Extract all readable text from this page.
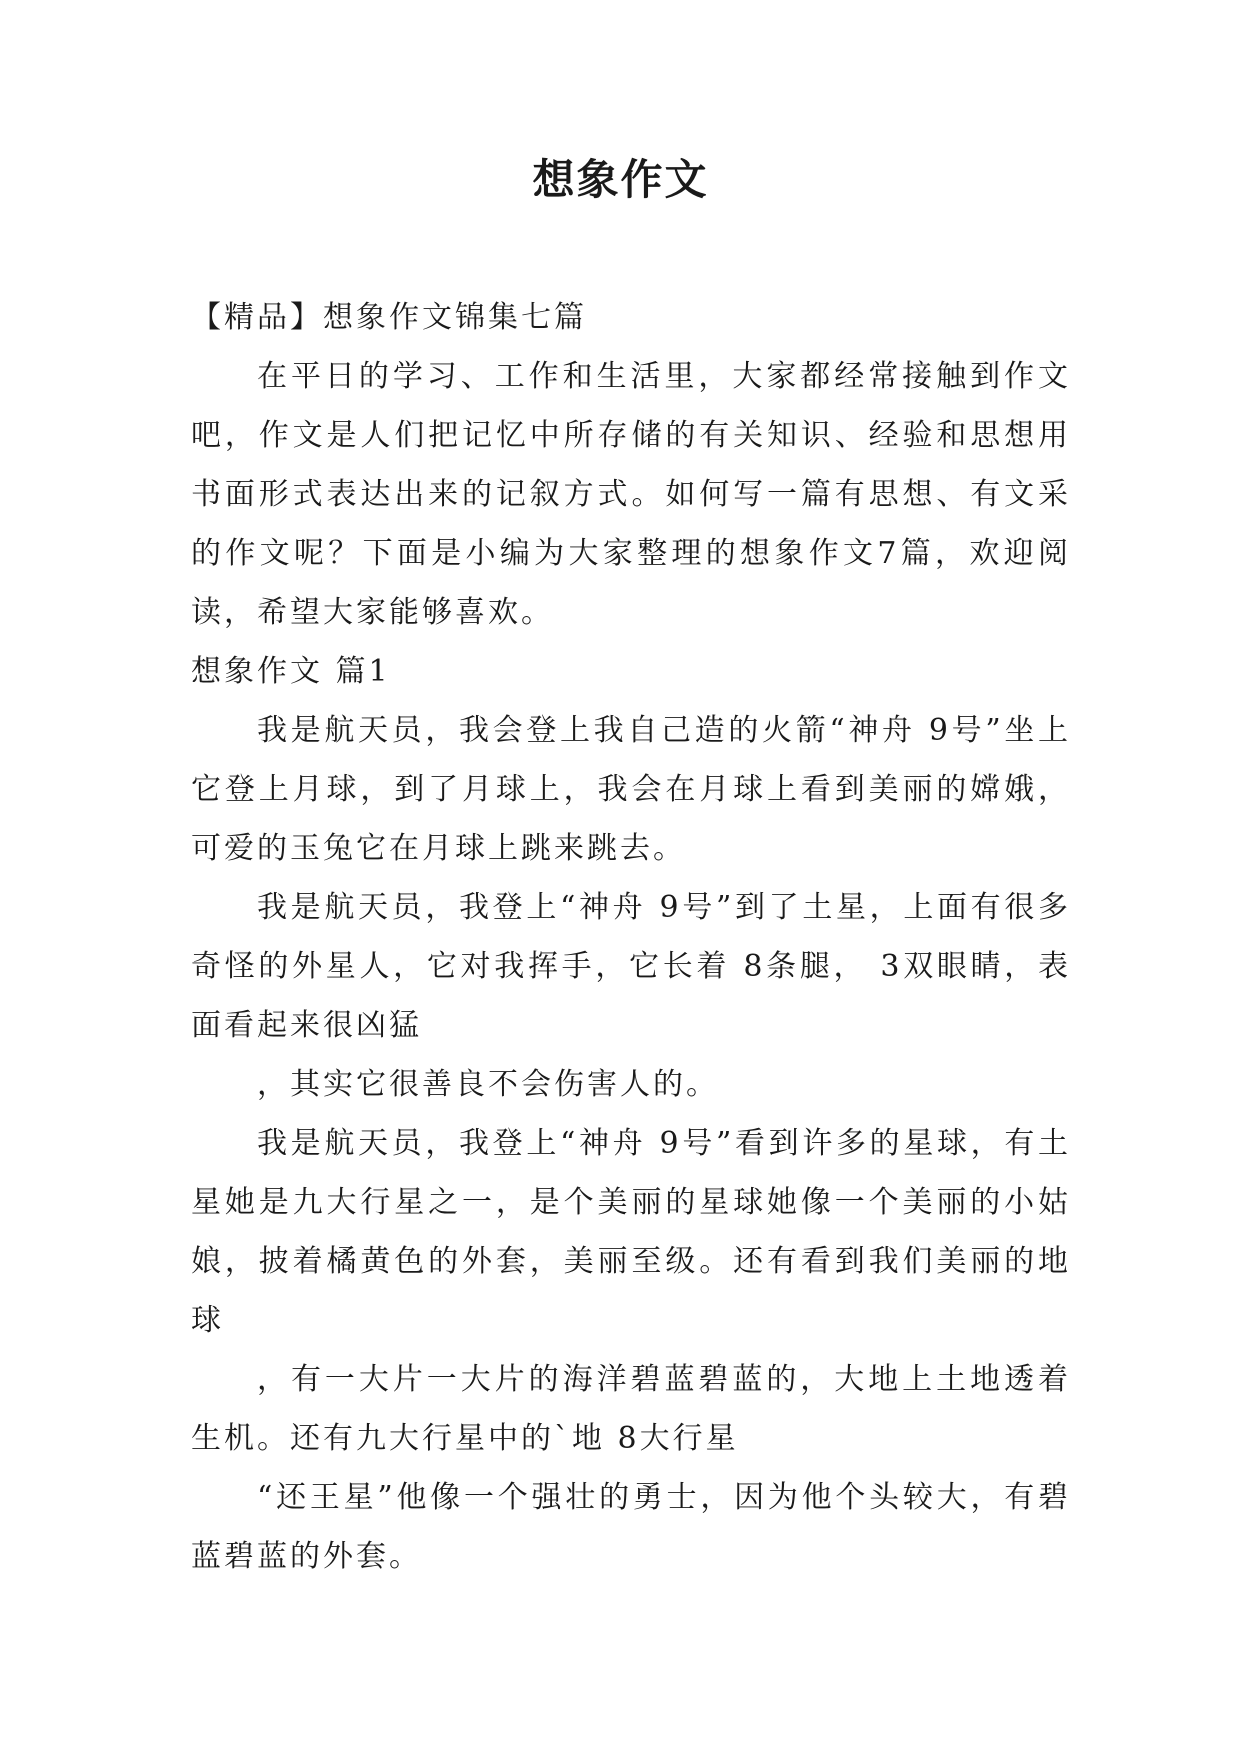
想象作文

【精品】想象作文锦集七篇

在平日的学习、工作和生活里，大家都经常接触到作文吧，作文是人们把记忆中所存储的有关知识、经验和思想用书面形式表达出来的记叙方式。如何写一篇有思想、有文采的作文呢？下面是小编为大家整理的想象作文7篇，欢迎阅读，希望大家能够喜欢。

想象作文 篇1

我是航天员，我会登上我自己造的火箭“神舟 9号”坐上它登上月球，到了月球上，我会在月球上看到美丽的嫦娥，可爱的玉兔它在月球上跳来跳去。

我是航天员，我登上“神舟 9号”到了土星，上面有很多奇怪的外星人，它对我挥手，它长着 8条腿， 3双眼睛，表面看起来很凶猛

，其实它很善良不会伤害人的。

我是航天员，我登上“神舟 9号”看到许多的星球，有土星她是九大行星之一，是个美丽的星球她像一个美丽的小姑娘，披着橘黄色的外套，美丽至级。还有看到我们美丽的地球

，有一大片一大片的海洋碧蓝碧蓝的，大地上土地透着生机。还有九大行星中的`地 8大行星

“还王星”他像一个强壮的勇士，因为他个头较大，有碧蓝碧蓝的外套。
